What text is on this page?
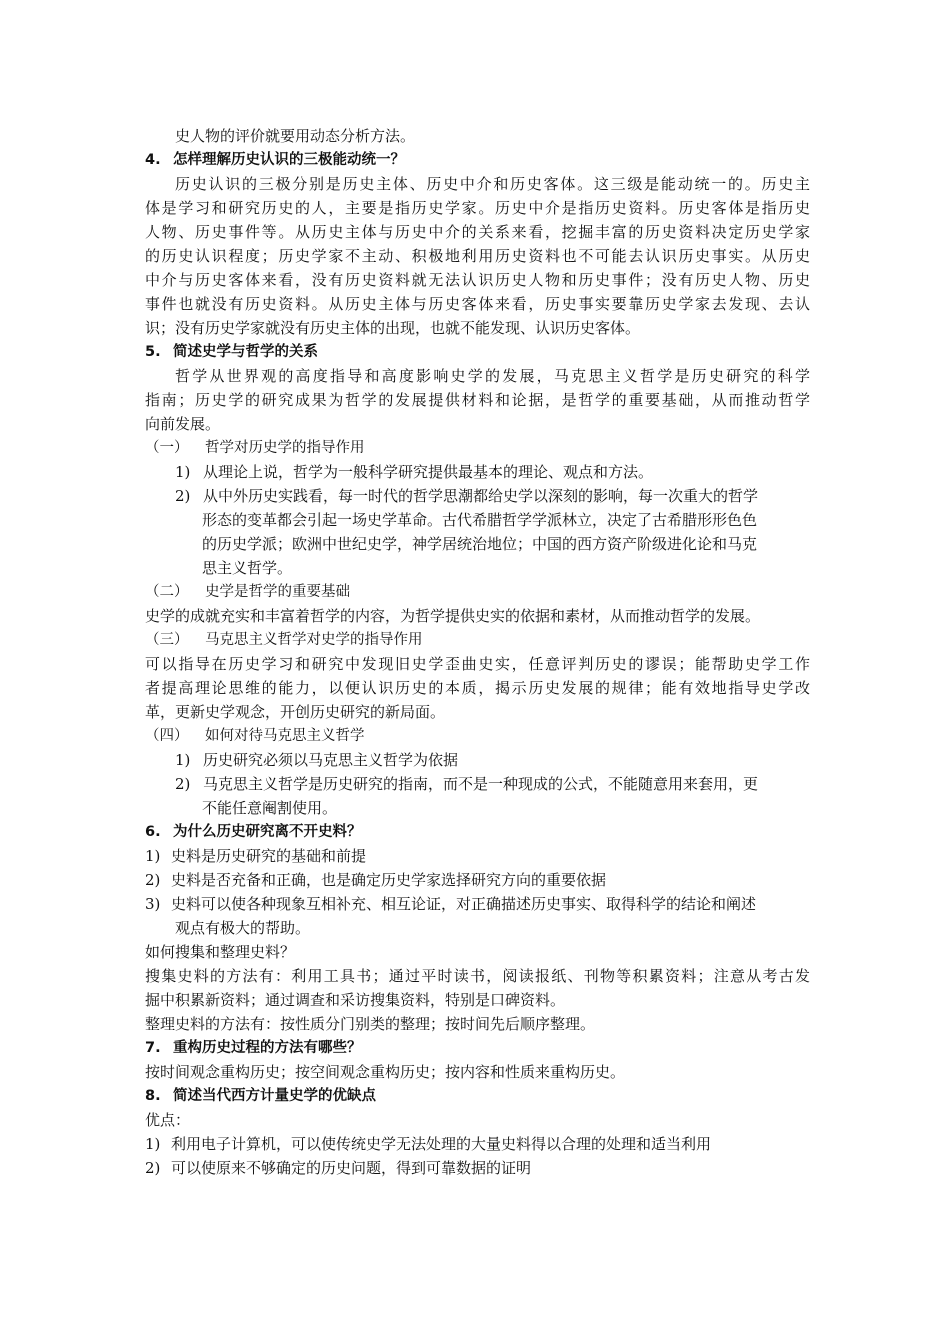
史人物的评价就要用动态分析方法。
4. 怎样理解历史认识的三极能动统一？
历史认识的三极分别是历史主体、历史中介和历史客体。这三级是能动统一的。历史主
体是学习和研究历史的人，主要是指历史学家。历史中介是指历史资料。历史客体是指历史
人物、历史事件等。从历史主体与历史中介的关系来看，挖掘丰富的历史资料决定历史学家
的历史认识程度；历史学家不主动、积极地利用历史资料也不可能去认识历史事实。从历史
中介与历史客体来看，没有历史资料就无法认识历史人物和历史事件；没有历史人物、历史
事件也就没有历史资料。从历史主体与历史客体来看，历史事实要靠历史学家去发现、去认
识；没有历史学家就没有历史主体的出现，也就不能发现、认识历史客体。
5. 简述史学与哲学的关系
哲学从世界观的高度指导和高度影响史学的发展，马克思主义哲学是历史研究的科学
指南；历史学的研究成果为哲学的发展提供材料和论据，是哲学的重要基础，从而推动哲学
向前发展。
（一） 哲学对历史学的指导作用
1) 从理论上说，哲学为一般科学研究提供最基本的理论、观点和方法。
2) 从中外历史实践看，每一时代的哲学思潮都给史学以深刻的影响，每一次重大的哲学
形态的变革都会引起一场史学革命。古代希腊哲学学派林立，决定了古希腊形形色色
的历史学派；欧洲中世纪史学，神学居统治地位；中国的西方资产阶级进化论和马克
思主义哲学。
（二） 史学是哲学的重要基础
史学的成就充实和丰富着哲学的内容，为哲学提供史实的依据和素材，从而推动哲学的发展。
（三） 马克思主义哲学对史学的指导作用
可以指导在历史学习和研究中发现旧史学歪曲史实，任意评判历史的谬误；能帮助史学工作
者提高理论思维的能力，以便认识历史的本质，揭示历史发展的规律；能有效地指导史学改
革，更新史学观念，开创历史研究的新局面。
（四） 如何对待马克思主义哲学
1) 历史研究必须以马克思主义哲学为依据
2) 马克思主义哲学是历史研究的指南，而不是一种现成的公式，不能随意用来套用，更
不能任意阉割使用。
6. 为什么历史研究离不开史料？
1) 史料是历史研究的基础和前提
2) 史料是否充备和正确，也是确定历史学家选择研究方向的重要依据
3) 史料可以使各种现象互相补充、相互论证，对正确描述历史事实、取得科学的结论和阐述
观点有极大的帮助。
如何搜集和整理史料？
搜集史料的方法有：利用工具书；通过平时读书，阅读报纸、刊物等积累资料；注意从考古发
掘中积累新资料；通过调查和采访搜集资料，特别是口碑资料。
整理史料的方法有：按性质分门别类的整理；按时间先后顺序整理。
7. 重构历史过程的方法有哪些？
按时间观念重构历史；按空间观念重构历史；按内容和性质来重构历史。
8. 简述当代西方计量史学的优缺点
优点：
1) 利用电子计算机，可以使传统史学无法处理的大量史料得以合理的处理和适当利用
2) 可以使原来不够确定的历史问题，得到可靠数据的证明
